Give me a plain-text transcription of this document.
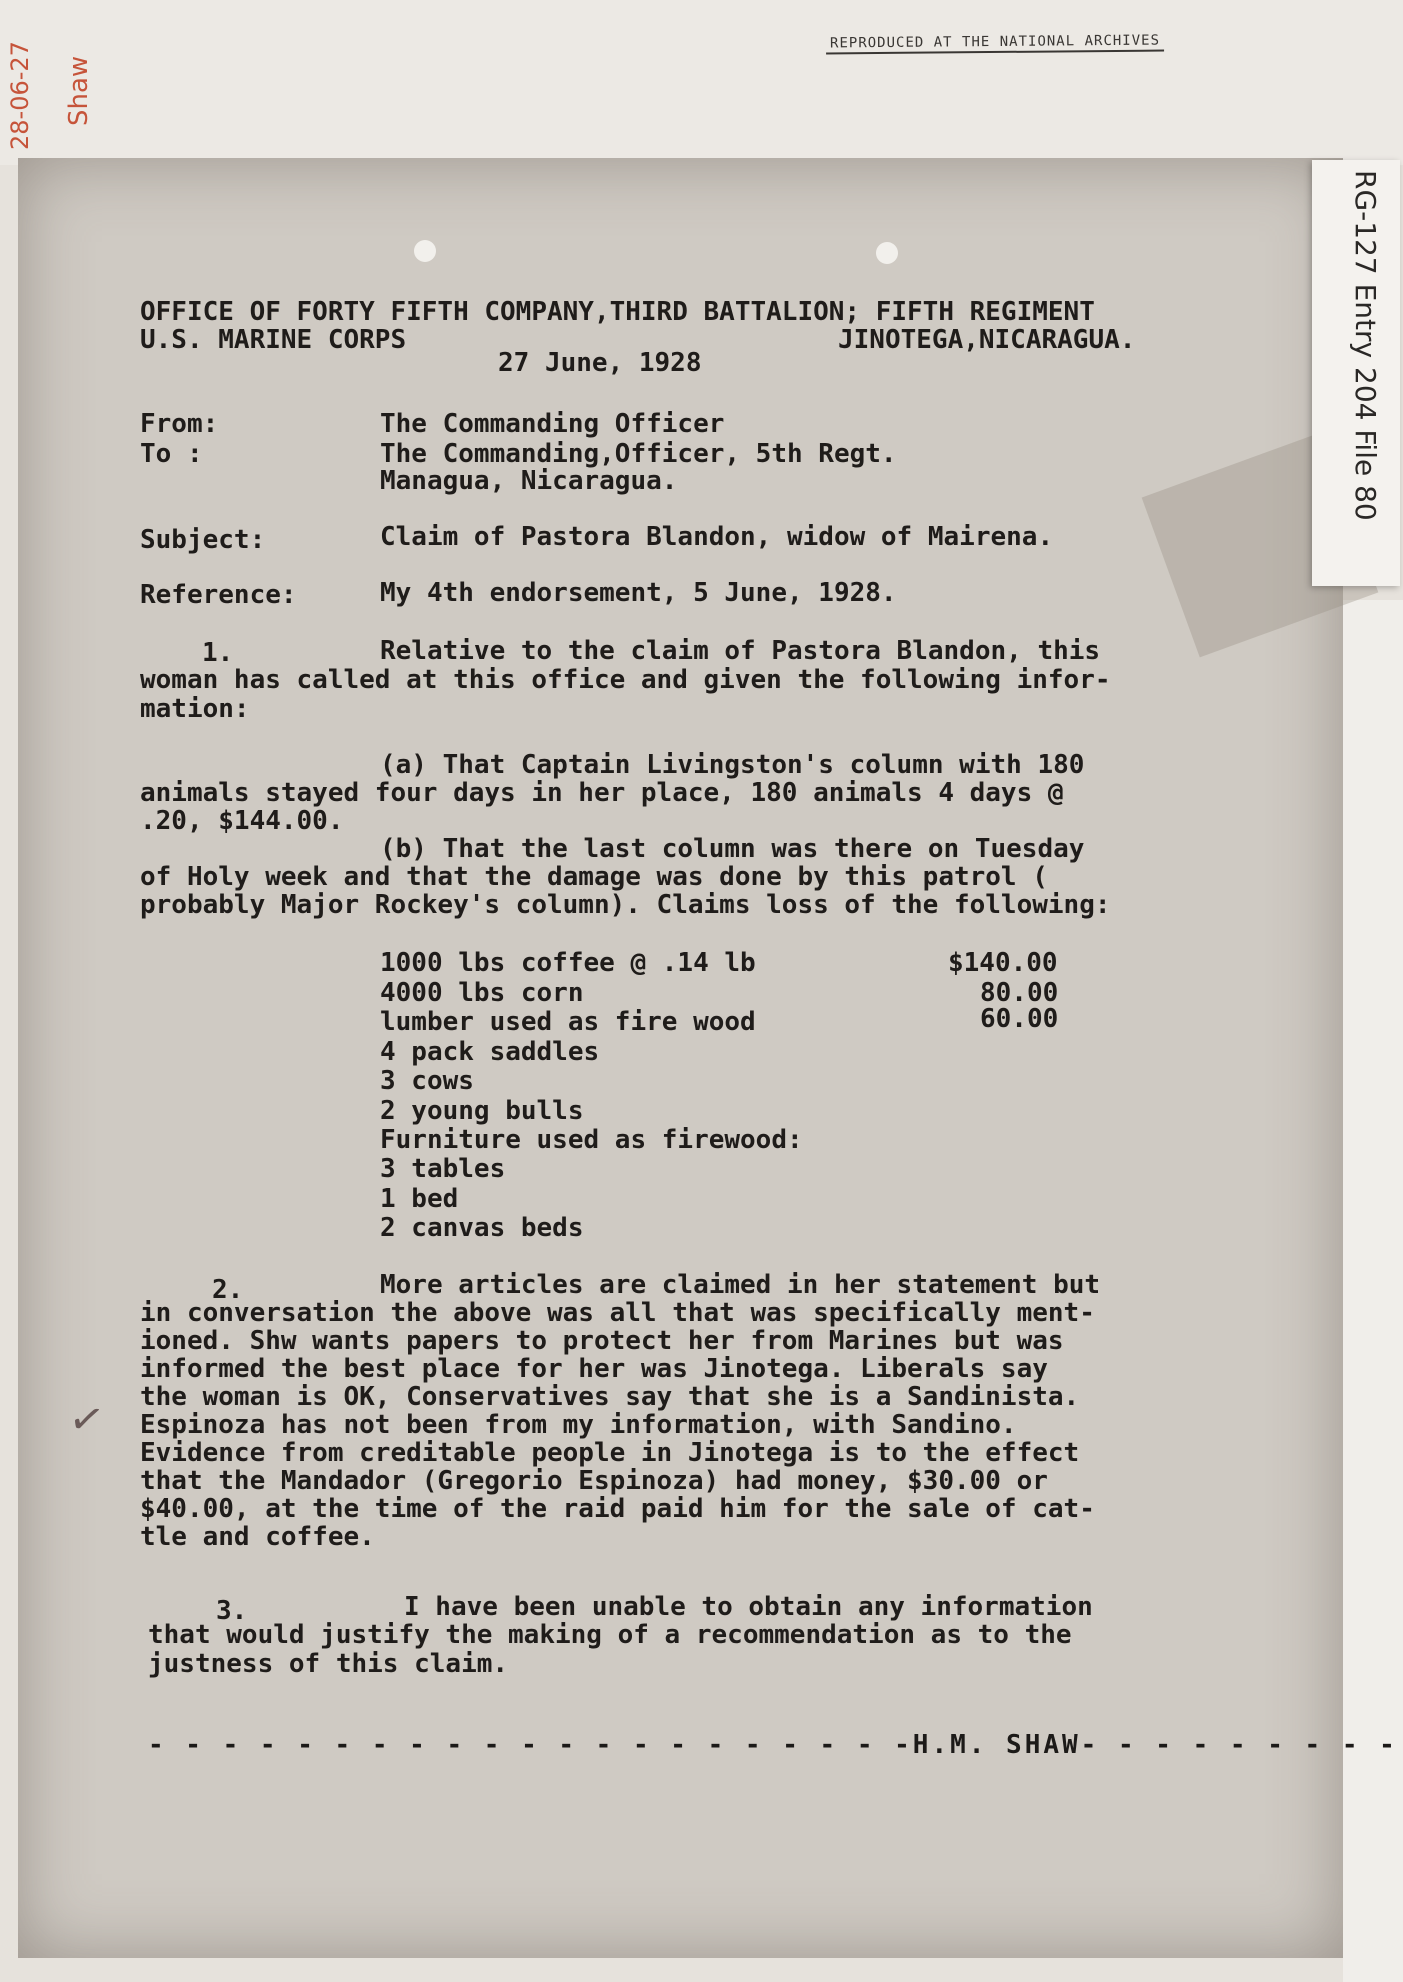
REPRODUCED AT THE NATIONAL ARCHIVES
28-06-27 Shaw
RG-127 Entry 204 File 80
OFFICE OF FORTY FIFTH COMPANY,THIRD BATTALION; FIFTH REGIMENT
U.S. MARINE CORPS	JINOTEGA,NICARAGUA.
27 June, 1928
From:	The Commanding Officer
To :	The Commanding,Officer, 5th Regt.
Managua, Nicaragua.
Subject:	Claim of Pastora Blandon, widow of Mairena.
Reference:	My 4th endorsement, 5 June, 1928.
1.	Relative to the claim of Pastora Blandon, this
woman has called at this office and given the following infor-
mation:
(a) That Captain Livingston's column with 180
animals stayed four days in her place, 180 animals 4 days @
.20, $144.00.
(b) That the last column was there on Tuesday
of Holy week and that the damage was done by this patrol (
probably Major Rockey's column). Claims loss of the following:
1000 lbs coffee @ .14 lb	$140.00
4000 lbs corn	80.00
lumber used as fire wood	60.00
4 pack saddles
3 cows
2 young bulls
Furniture used as firewood:
3 tables
1 bed
2 canvas beds
2.	More articles are claimed in her statement but
in conversation the above was all that was specifically ment-
ioned. Shw wants papers to protect her from Marines but was
informed the best place for her was Jinotega. Liberals say
the woman is OK, Conservatives say that she is a Sandinista.
Espinoza has not been from my information, with Sandino.
Evidence from creditable people in Jinotega is to the effect
that the Mandador (Gregorio Espinoza) had money, $30.00 or
$40.00, at the time of the raid paid him for the sale of cat-
tle and coffee.
3.	I have been unable to obtain any information
that would justify the making of a recommendation as to the
justness of this claim.
- - - - - - - - - - - - - - - - - - - - -H.M. SHAW- - - - - - - - -
✓
